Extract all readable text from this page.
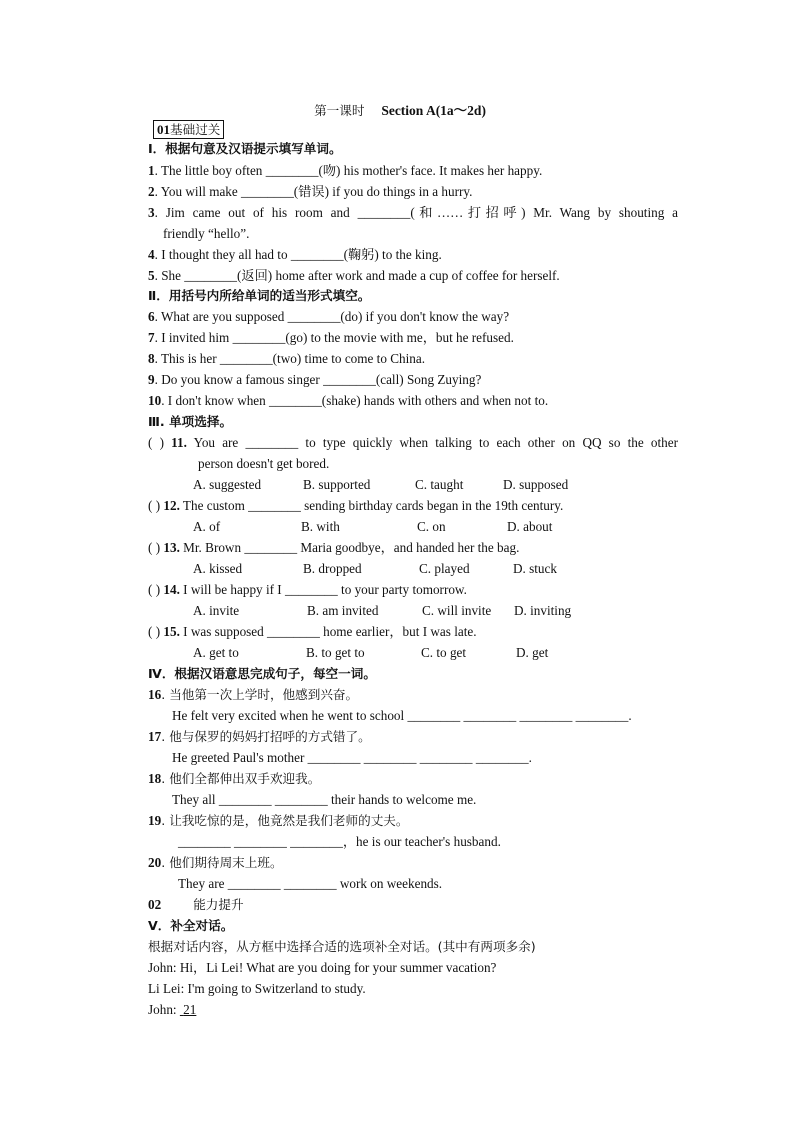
第一课时 Section A(1a～2d)
01基础过关
Ⅰ．根据句意及汉语提示填写单词。
1. The little boy often ________(吻) his mother's face. It makes her happy.
2. You will make ________(错误) if you do things in a hurry.
3. Jim came out of his room and ________(和……打招呼) Mr. Wang by shouting a
friendly “hello”.
4. I thought they all had to ________(鞠躬) to the king.
5. She ________(返回) home after work and made a cup of coffee for herself.
Ⅱ．用括号内所给单词的适当形式填空。
6. What are you supposed ________(do) if you don't know the way?
7. I invited him ________(go) to the movie with me，but he refused.
8. This is her ________(two) time to come to China.
9. Do you know a famous singer ________(call) Song Zuying?
10. I don't know when ________(shake) hands with others and when not to.
Ⅲ. 单项选择。
( ) 11. You are ________ to type quickly when talking to each other on QQ so the other
person doesn't get bored.
A. suggested	B. supported	C. taught	D. supposed
( ) 12. The custom ________ sending birthday cards began in the 19th century.
A. of	B. with	C. on	D. about
( ) 13. Mr. Brown ________ Maria goodbye，and handed her the bag.
A. kissed	B. dropped	C. played	D. stuck
( ) 14. I will be happy if I ________ to your party tomorrow.
A. invite	B. am invited	C. will invite D. inviting
( ) 15. I was supposed ________ home earlier，but I was late.
A. get to	B. to get to	C. to get	D. get
Ⅳ．根据汉语意思完成句子，每空一词。
16. 当他第一次上学时，他感到兴奋。
He felt very excited when he went to school ________ ________ ________ ________.
17. 他与保罗的妈妈打招呼的方式错了。
He greeted Paul's mother ________ ________ ________ ________.
18. 他们全都伸出双手欢迎我。
They all ________ ________ their hands to welcome me.
19. 让我吃惊的是，他竟然是我们老师的丈夫。
________ ________ ________，he is our teacher's husband.
20. 他们期待周末上班。
They are ________ ________ work on weekends.
02	能力提升
Ⅴ．补全对话。
根据对话内容，从方框中选择合适的选项补全对话。(其中有两项多余)
John: Hi，Li Lei! What are you doing for your summer vacation?
Li Lei: I'm going to Switzerland to study.
John:  21
